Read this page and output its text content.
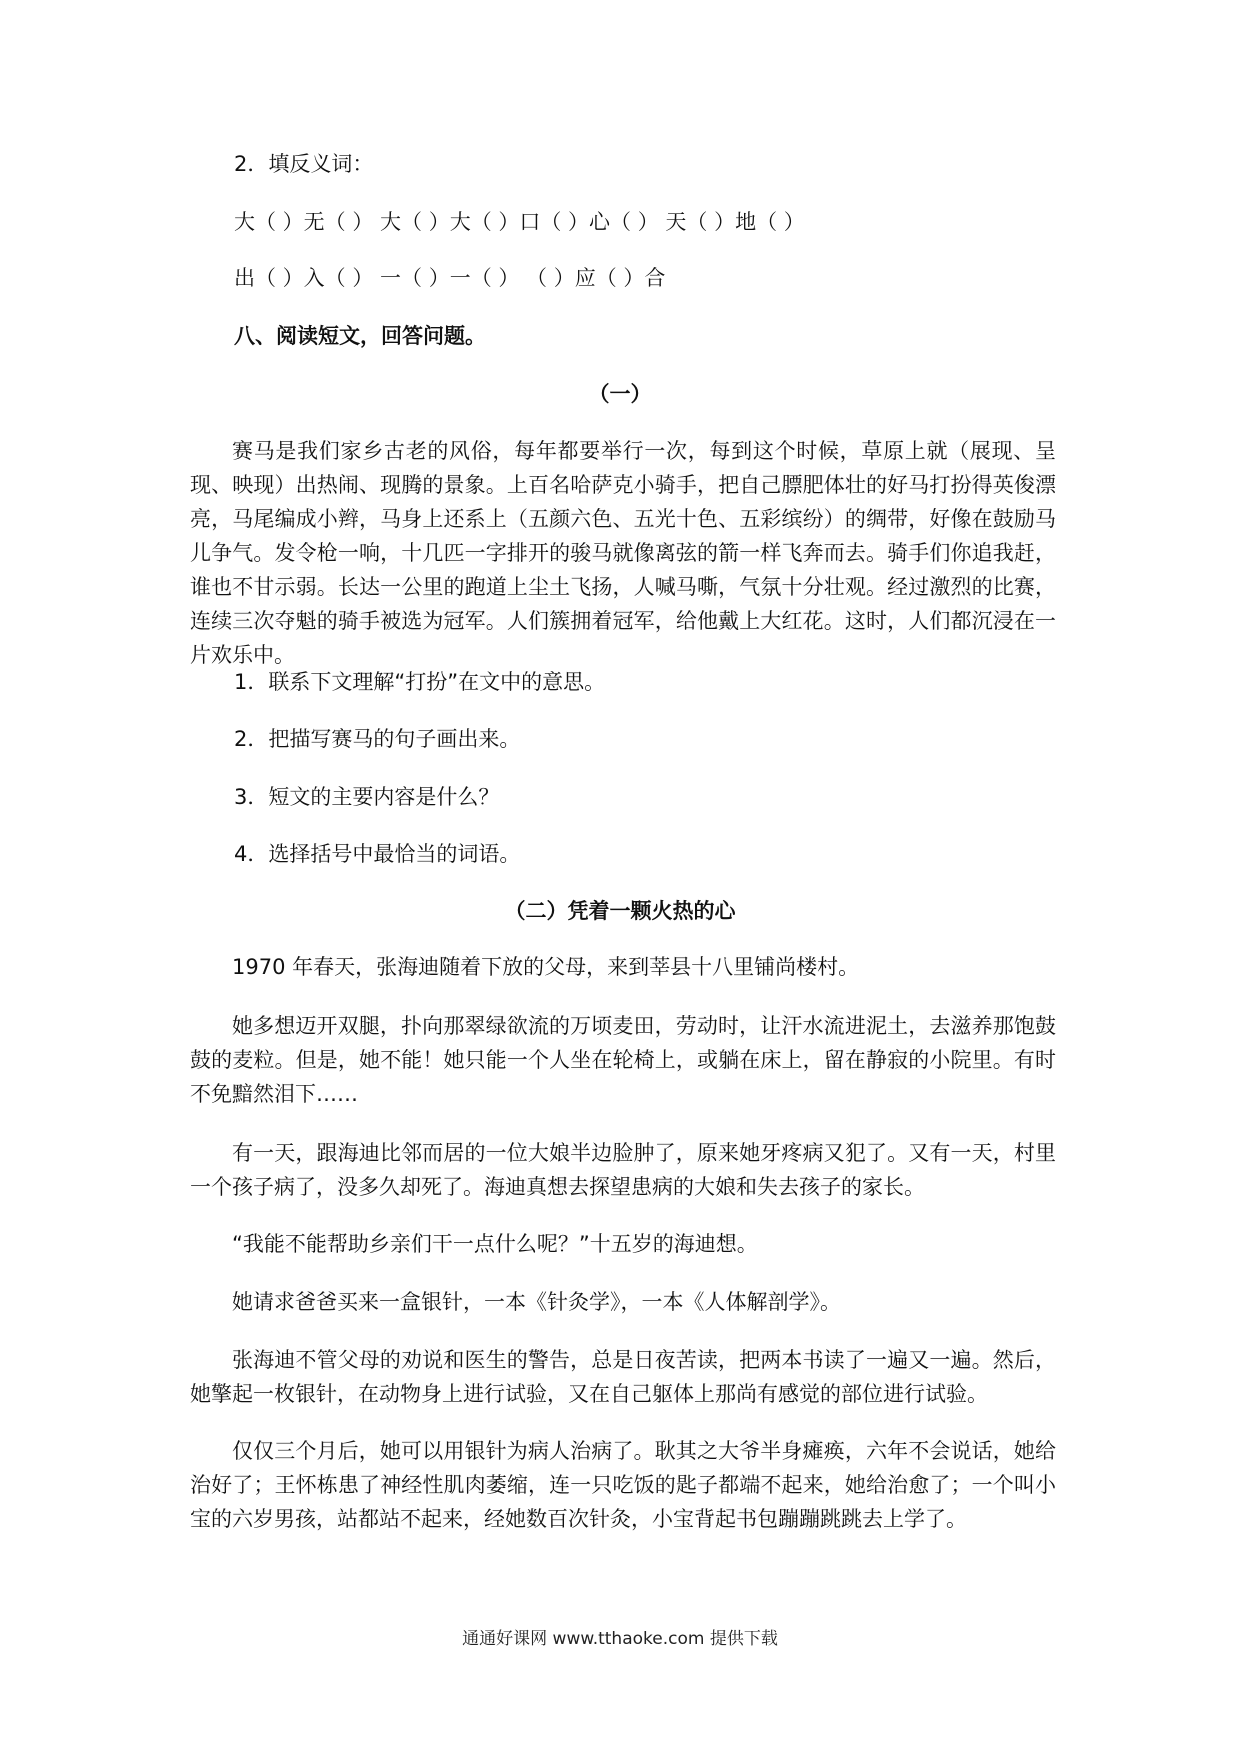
2．填反义词：
大（ ）无（ ） 大（ ）大（ ）口（ ）心（ ） 天（ ）地（ ）
出（ ）入（ ） 一（ ）一（ ） （ ）应（ ）合
八、阅读短文，回答问题。
（一）
赛马是我们家乡古老的风俗，每年都要举行一次，每到这个时候，草原上就（展现、呈现、映现）出热闹、现腾的景象。上百名哈萨克小骑手，把自己膘肥体壮的好马打扮得英俊漂亮，马尾编成小辫，马身上还系上（五颜六色、五光十色、五彩缤纷）的绸带，好像在鼓励马儿争气。发令枪一响，十几匹一字排开的骏马就像离弦的箭一样飞奔而去。骑手们你追我赶，谁也不甘示弱。长达一公里的跑道上尘土飞扬，人喊马嘶，气氛十分壮观。经过激烈的比赛，连续三次夺魁的骑手被选为冠军。人们簇拥着冠军，给他戴上大红花。这时，人们都沉浸在一片欢乐中。
1．联系下文理解“打扮”在文中的意思。
2．把描写赛马的句子画出来。
3．短文的主要内容是什么？
4．选择括号中最恰当的词语。
（二）凭着一颗火热的心
1970 年春天，张海迪随着下放的父母，来到莘县十八里铺尚楼村。
她多想迈开双腿，扑向那翠绿欲流的万顷麦田，劳动时，让汗水流进泥土，去滋养那饱鼓鼓的麦粒。但是，她不能！她只能一个人坐在轮椅上，或躺在床上，留在静寂的小院里。有时不免黯然泪下……
有一天，跟海迪比邻而居的一位大娘半边脸肿了，原来她牙疼病又犯了。又有一天，村里一个孩子病了，没多久却死了。海迪真想去探望患病的大娘和失去孩子的家长。
“我能不能帮助乡亲们干一点什么呢？”十五岁的海迪想。
她请求爸爸买来一盒银针，一本《针灸学》，一本《人体解剖学》。
张海迪不管父母的劝说和医生的警告，总是日夜苦读，把两本书读了一遍又一遍。然后，她擎起一枚银针，在动物身上进行试验，又在自己躯体上那尚有感觉的部位进行试验。
仅仅三个月后，她可以用银针为病人治病了。耿其之大爷半身瘫痪，六年不会说话，她给治好了；王怀栋患了神经性肌肉萎缩，连一只吃饭的匙子都端不起来，她给治愈了；一个叫小宝的六岁男孩，站都站不起来，经她数百次针灸，小宝背起书包蹦蹦跳跳去上学了。
通通好课网 www.tthaoke.com 提供下载
